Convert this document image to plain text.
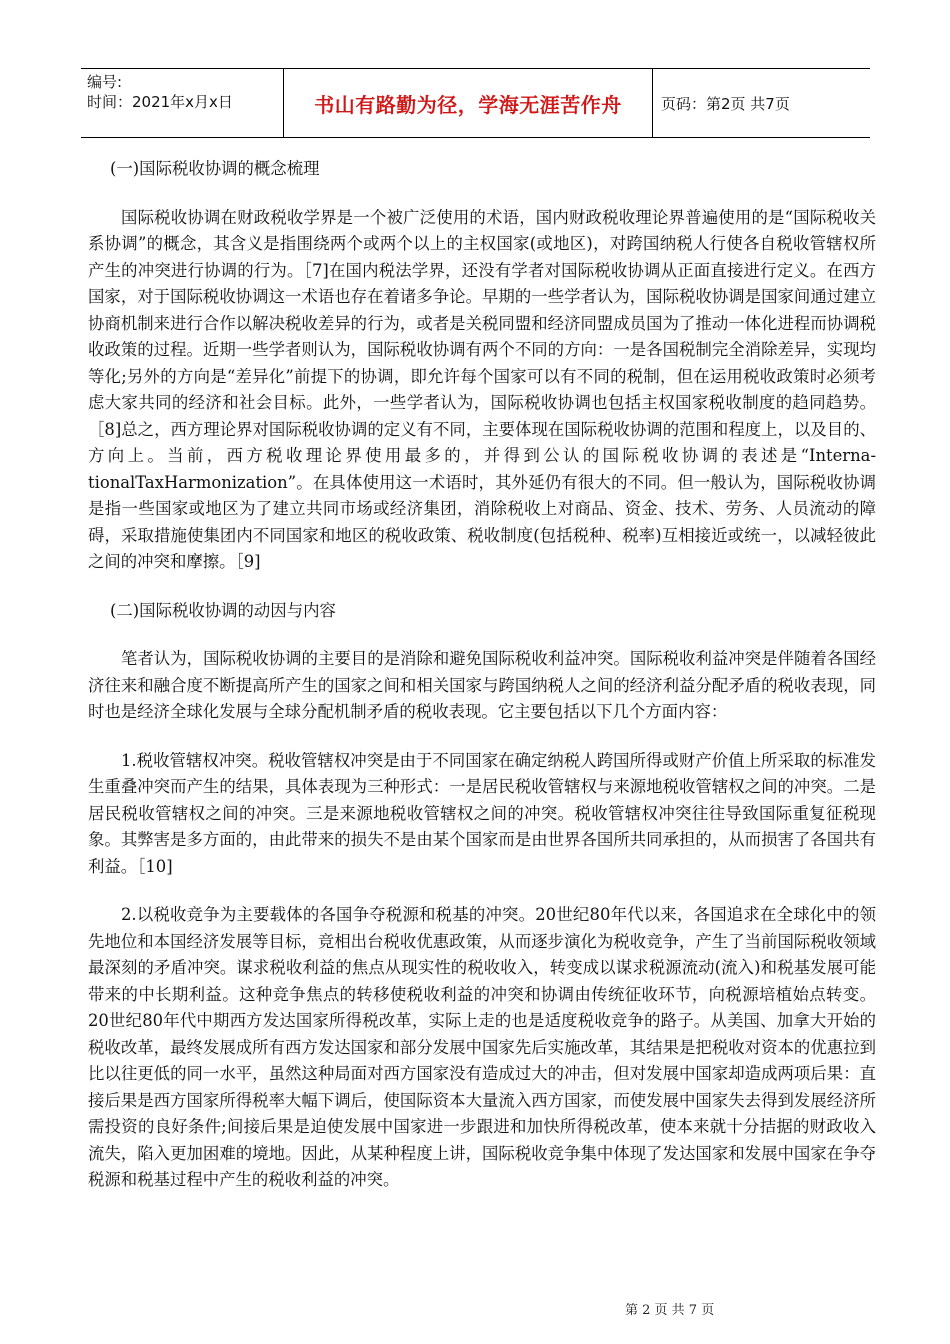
编号:
时间：2021年x月x日	书山有路勤为径，学海无涯苦作舟	页码：第2页 共7页

(一)国际税收协调的概念梳理

国际税收协调在财政税收学界是一个被广泛使用的术语，国内财政税收理论界普遍使用的是“国际税收关系协调”的概念，其含义是指围绕两个或两个以上的主权国家(或地区)，对跨国纳税人行使各自税收管辖权所产生的冲突进行协调的行为。［7]在国内税法学界，还没有学者对国际税收协调从正面直接进行定义。在西方国家，对于国际税收协调这一术语也存在着诸多争论。早期的一些学者认为，国际税收协调是国家间通过建立协商机制来进行合作以解决税收差异的行为，或者是关税同盟和经济同盟成员国为了推动一体化进程而协调税收政策的过程。近期一些学者则认为，国际税收协调有两个不同的方向：一是各国税制完全消除差异，实现均等化;另外的方向是“差异化”前提下的协调，即允许每个国家可以有不同的税制，但在运用税收政策时必须考虑大家共同的经济和社会目标。此外，一些学者认为，国际税收协调也包括主权国家税收制度的趋同趋势。［8]总之，西方理论界对国际税收协调的定义有不同，主要体现在国际税收协调的范围和程度上，以及目的、方向上。当前，西方税收理论界使用最多的，并得到公认的国际税收协调的表述是“Interna-tionalTaxHarmonization”。在具体使用这一术语时，其外延仍有很大的不同。但一般认为，国际税收协调是指一些国家或地区为了建立共同市场或经济集团，消除税收上对商品、资金、技术、劳务、人员流动的障碍，采取措施使集团内不同国家和地区的税收政策、税收制度(包括税种、税率)互相接近或统一，以减轻彼此之间的冲突和摩擦。［9]

(二)国际税收协调的动因与内容

笔者认为，国际税收协调的主要目的是消除和避免国际税收利益冲突。国际税收利益冲突是伴随着各国经济往来和融合度不断提高所产生的国家之间和相关国家与跨国纳税人之间的经济利益分配矛盾的税收表现，同时也是经济全球化发展与全球分配机制矛盾的税收表现。它主要包括以下几个方面内容：

1.税收管辖权冲突。税收管辖权冲突是由于不同国家在确定纳税人跨国所得或财产价值上所采取的标准发生重叠冲突而产生的结果，具体表现为三种形式：一是居民税收管辖权与来源地税收管辖权之间的冲突。二是居民税收管辖权之间的冲突。三是来源地税收管辖权之间的冲突。税收管辖权冲突往往导致国际重复征税现象。其弊害是多方面的，由此带来的损失不是由某个国家而是由世界各国所共同承担的，从而损害了各国共有利益。［10]

2.以税收竞争为主要载体的各国争夺税源和税基的冲突。20世纪80年代以来，各国追求在全球化中的领先地位和本国经济发展等目标，竞相出台税收优惠政策，从而逐步演化为税收竞争，产生了当前国际税收领域最深刻的矛盾冲突。谋求税收利益的焦点从现实性的税收收入，转变成以谋求税源流动(流入)和税基发展可能带来的中长期利益。这种竞争焦点的转移使税收利益的冲突和协调由传统征收环节，向税源培植始点转变。20世纪80年代中期西方发达国家所得税改革，实际上走的也是适度税收竞争的路子。从美国、加拿大开始的税收改革，最终发展成所有西方发达国家和部分发展中国家先后实施改革，其结果是把税收对资本的优惠拉到比以往更低的同一水平，虽然这种局面对西方国家没有造成过大的冲击，但对发展中国家却造成两项后果：直接后果是西方国家所得税率大幅下调后，使国际资本大量流入西方国家，而使发展中国家失去得到发展经济所需投资的良好条件;间接后果是迫使发展中国家进一步跟进和加快所得税改革，使本来就十分拮据的财政收入流失，陷入更加困难的境地。因此，从某种程度上讲，国际税收竞争集中体现了发达国家和发展中国家在争夺税源和税基过程中产生的税收利益的冲突。

第 2 页 共 7 页
